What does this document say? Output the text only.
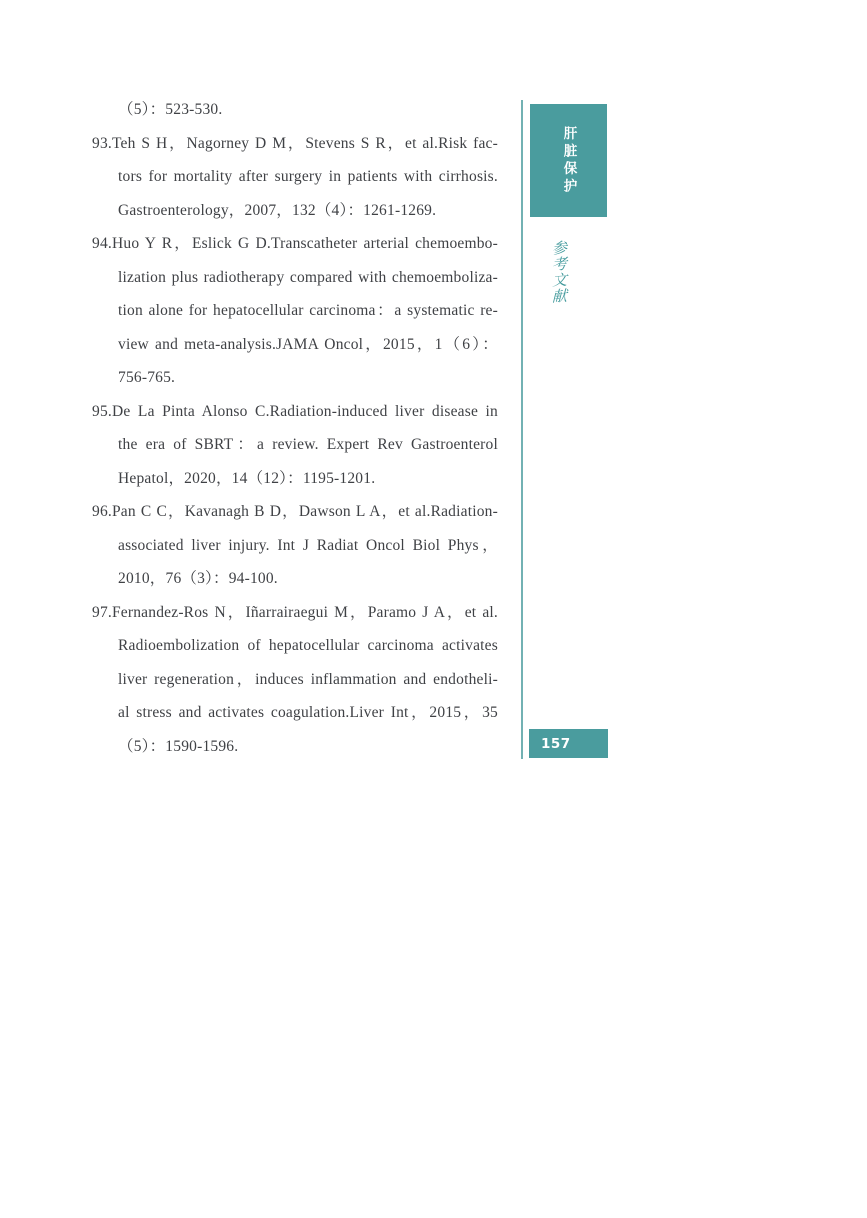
（5）：523-530.
93.Teh S H，Nagorney D M，Stevens S R，et al.Risk fac-
tors for mortality after surgery in patients with cirrhosis.
Gastroenterology，2007，132（4）：1261-1269.
94.Huo Y R，Eslick G D.Transcatheter arterial chemoembo-
lization plus radiotherapy compared with chemoemboliza-
tion alone for hepatocellular carcinoma：a systematic re-
view and meta-analysis.JAMA Oncol，2015，1（6）：
756-765.
95.De La Pinta Alonso C.Radiation-induced liver disease in
the era of SBRT：a review. Expert Rev Gastroenterol
Hepatol，2020，14（12）：1195-1201.
96.Pan C C，Kavanagh B D，Dawson L A，et al.Radiation-
associated liver injury. Int J Radiat Oncol Biol Phys，
2010，76（3）：94-100.
97.Fernandez-Ros N，Iñarrairaegui M，Paramo J A，et al.
Radioembolization of hepatocellular carcinoma activates
liver regeneration，induces inflammation and endotheli-
al stress and activates coagulation.Liver Int，2015，35
（5）：1590-1596.
肝脏保护
参考文献
157
